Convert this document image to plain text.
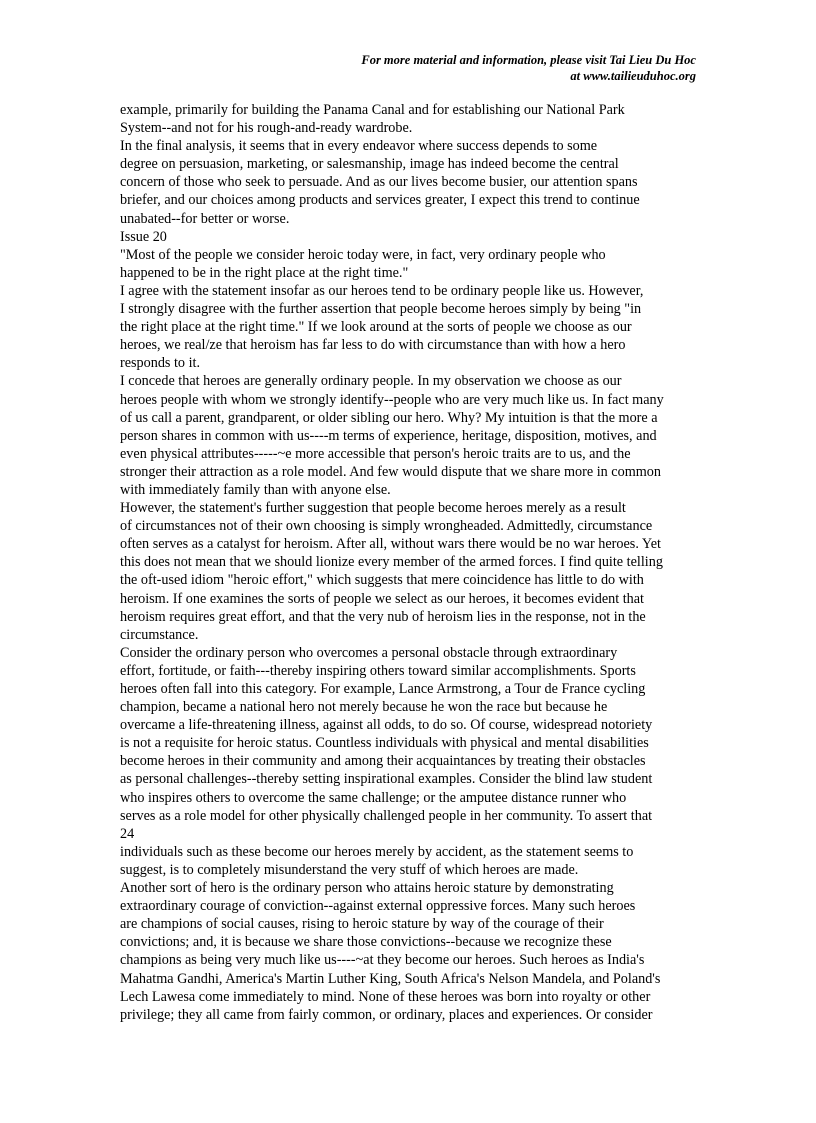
For more material and information, please visit Tai Lieu Du Hoc
at www.tailieuduhoc.org
example, primarily for building the Panama Canal and for establishing our National Park
System--and not for his rough-and-ready wardrobe.
In the final analysis, it seems that in every endeavor where success depends to some
degree on persuasion, marketing, or salesmanship, image has indeed become the central
concern of those who seek to persuade. And as our lives become busier, our attention spans
briefer, and our choices among products and services greater, I expect this trend to continue
unabated--for better or worse.
Issue 20
"Most of the people we consider heroic today were, in fact, very ordinary people who
happened to be in the right place at the right time."
I agree with the statement insofar as our heroes tend to be ordinary people like us. However,
I strongly disagree with the further assertion that people become heroes simply by being "in
the right place at the right time." If we look around at the sorts of people we choose as our
heroes, we real/ze that heroism has far less to do with circumstance than with how a hero
responds to it.
I concede that heroes are generally ordinary people. In my observation we choose as our
heroes people with whom we strongly identify--people who are very much like us. In fact many
of us call a parent, grandparent, or older sibling our hero. Why? My intuition is that the more a
person shares in common with us----m terms of experience, heritage, disposition, motives, and
even physical attributes-----~e more accessible that person's heroic traits are to us, and the
stronger their attraction as a role model. And few would dispute that we share more in common
with immediately family than with anyone else.
However, the statement's further suggestion that people become heroes merely as a result
of circumstances not of their own choosing is simply wrongheaded. Admittedly, circumstance
often serves as a catalyst for heroism. After all, without wars there would be no war heroes. Yet
this does not mean that we should lionize every member of the armed forces. I find quite telling
the oft-used idiom "heroic effort," which suggests that mere coincidence has little to do with
heroism. If one examines the sorts of people we select as our heroes, it becomes evident that
heroism requires great effort, and that the very nub of heroism lies in the response, not in the
circumstance.
Consider the ordinary person who overcomes a personal obstacle through extraordinary
effort, fortitude, or faith---thereby inspiring others toward similar accomplishments. Sports
heroes often fall into this category. For example, Lance Armstrong, a Tour de France cycling
champion, became a national hero not merely because he won the race but because he
overcame a life-threatening illness, against all odds, to do so. Of course, widespread notoriety
is not a requisite for heroic status. Countless individuals with physical and mental disabilities
become heroes in their community and among their acquaintances by treating their obstacles
as personal challenges--thereby setting inspirational examples. Consider the blind law student
who inspires others to overcome the same challenge; or the amputee distance runner who
serves as a role model for other physically challenged people in her community. To assert that
24
individuals such as these become our heroes merely by accident, as the statement seems to
suggest, is to completely misunderstand the very stuff of which heroes are made.
Another sort of hero is the ordinary person who attains heroic stature by demonstrating
extraordinary courage of conviction--against external oppressive forces. Many such heroes
are champions of social causes, rising to heroic stature by way of the courage of their
convictions; and, it is because we share those convictions--because we recognize these
champions as being very much like us----~at they become our heroes. Such heroes as India's
Mahatma Gandhi, America's Martin Luther King, South Africa's Nelson Mandela, and Poland's
Lech Lawesa come immediately to mind. None of these heroes was born into royalty or other
privilege; they all came from fairly common, or ordinary, places and experiences. Or consider
